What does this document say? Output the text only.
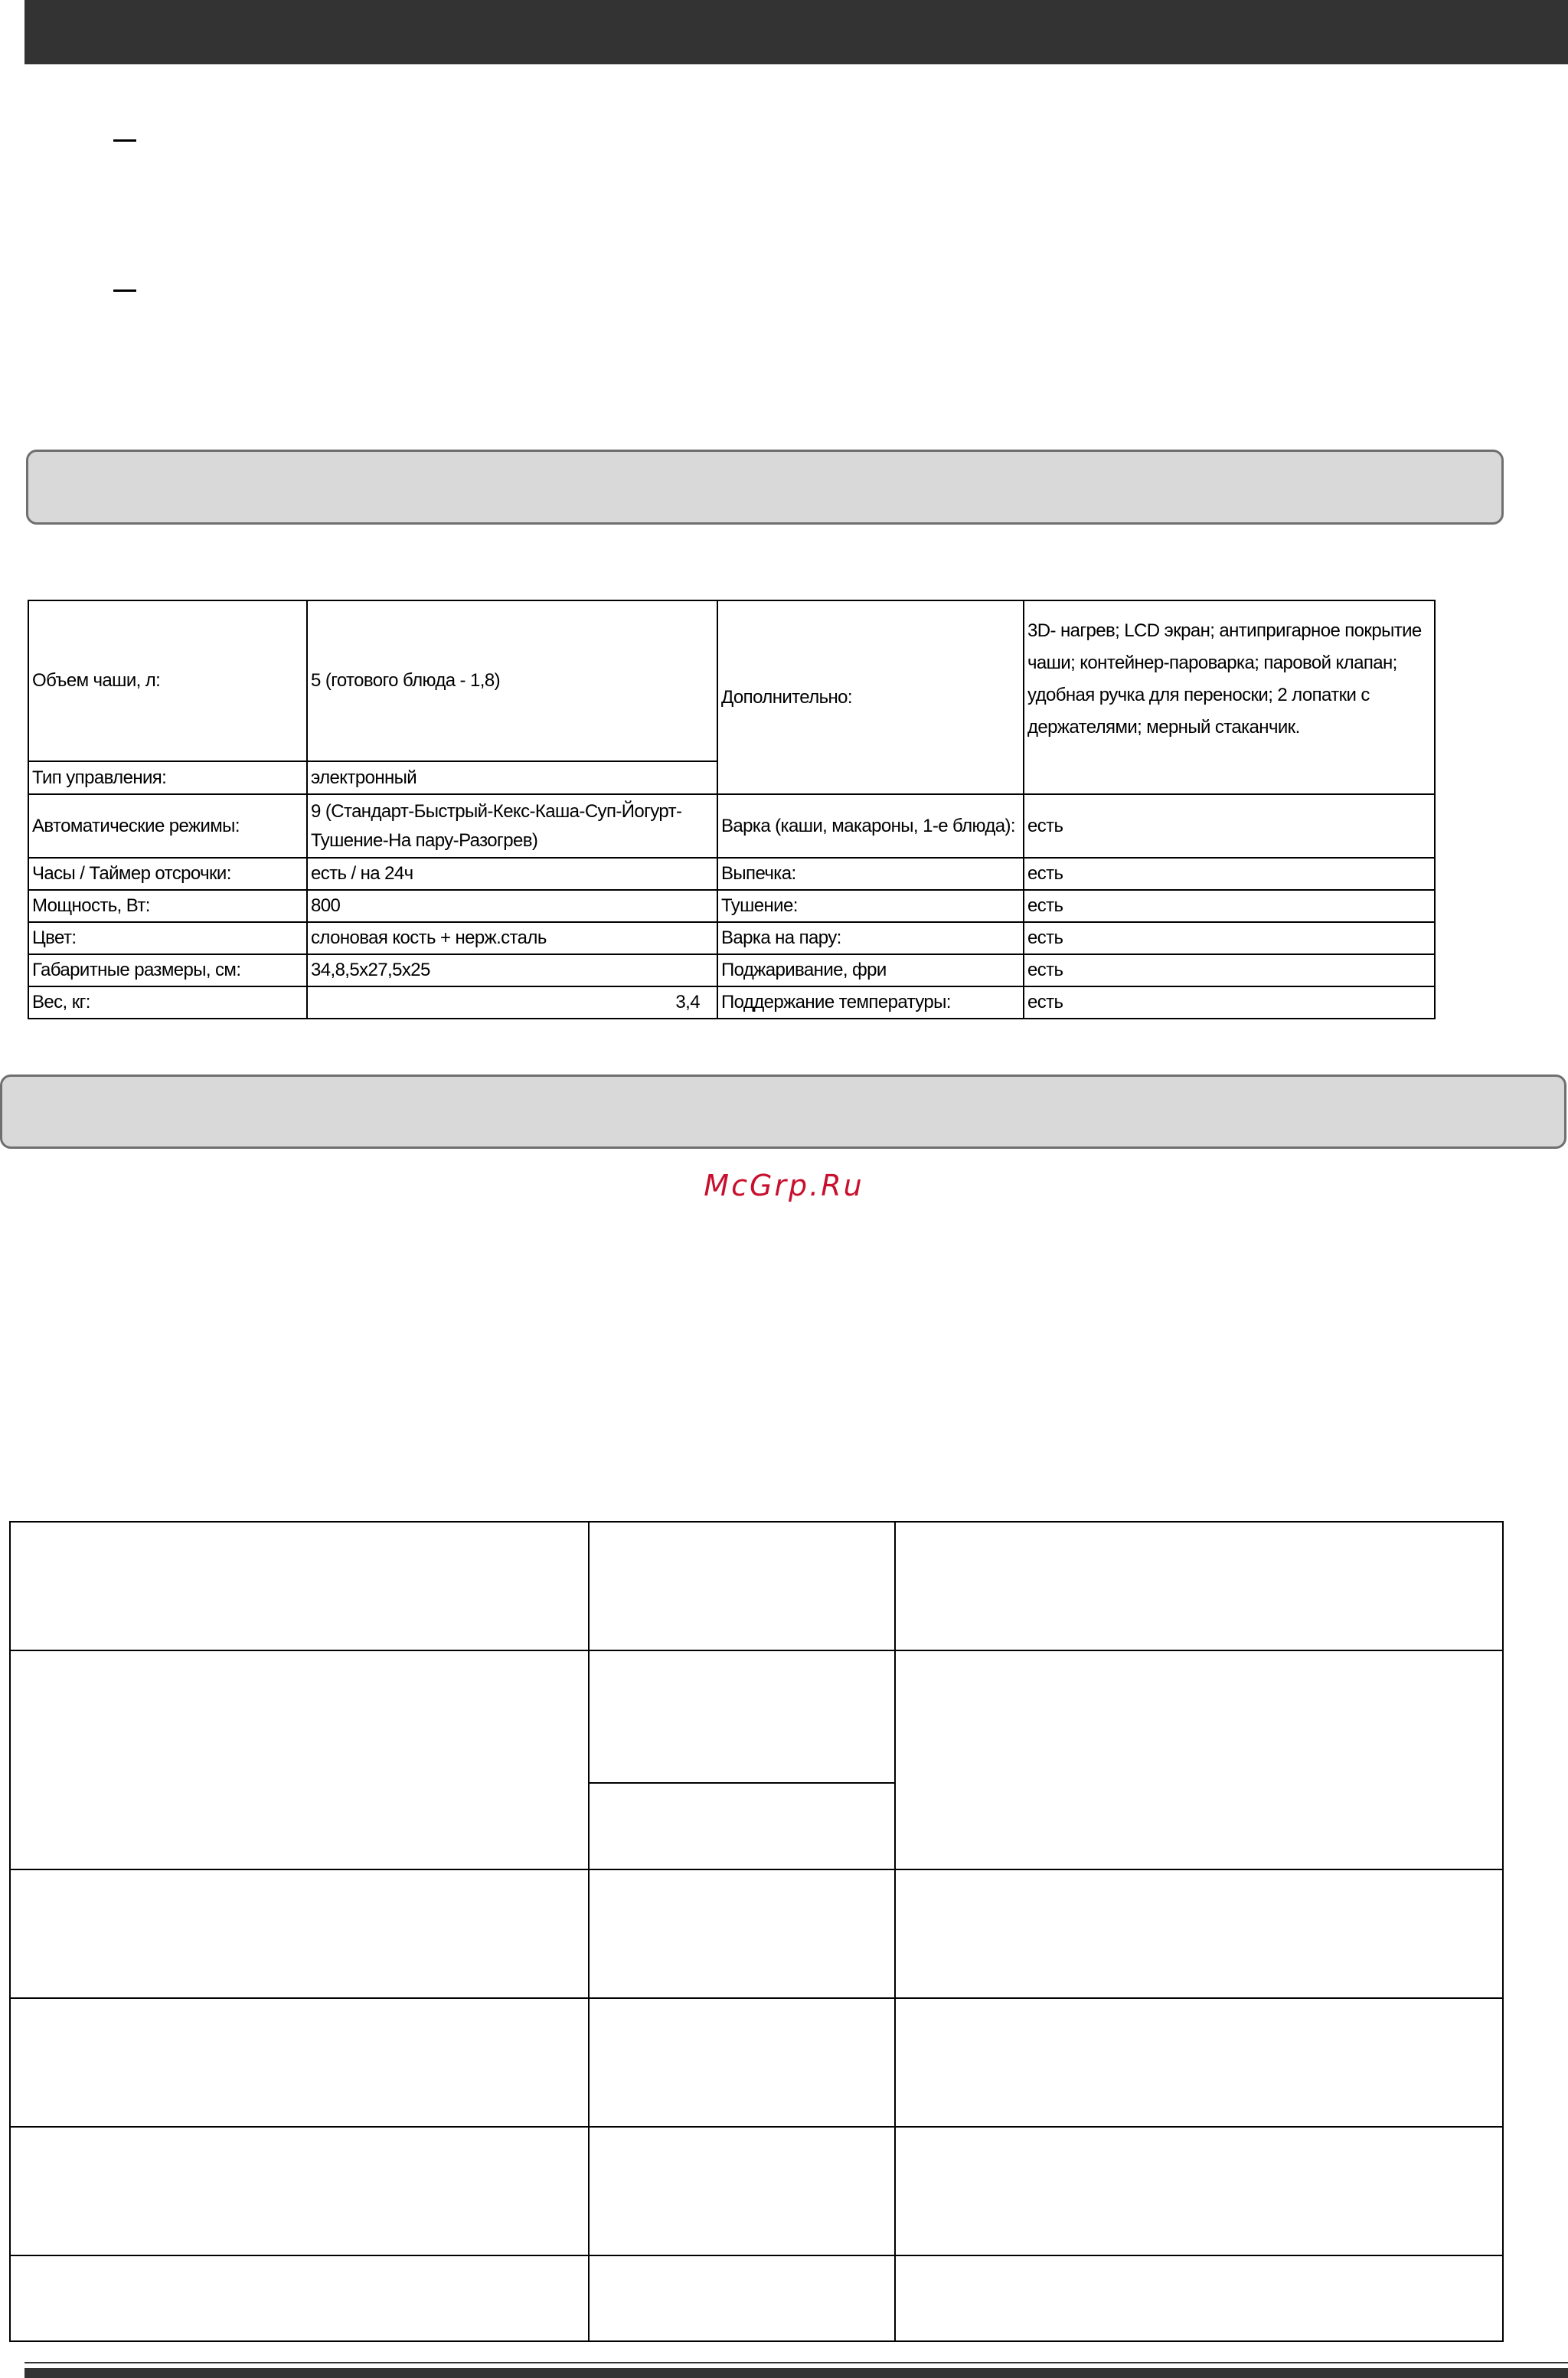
Объем чаши, л:	5 (готового блюда - 1,8)	Дополнительно:	3D- нагрев; LCD экран; антипригарное покрытие чаши; контейнер-пароварка; паровой клапан; удобная ручка для переноски; 2 лопатки с держателями; мерный стаканчик.
Тип управления:	электронный		
Автоматические режимы:	9 (Стандарт-Быстрый-Кекс-Каша-Суп-Йогурт-Тушение-На пару-Разогрев)	Варка (каши, макароны, 1-е блюда):	есть
Часы / Таймер отсрочки:	есть / на 24ч	Выпечка:	есть
Мощность, Вт:	800	Тушение:	есть
Цвет:	слоновая кость + нерж.сталь	Варка на пару:	есть
Габаритные размеры, см:	34,8,5х27,5х25	Поджаривание, фри	есть
Вес, кг:	3,4	Поддержание температуры:	есть
McGrp.Ru
